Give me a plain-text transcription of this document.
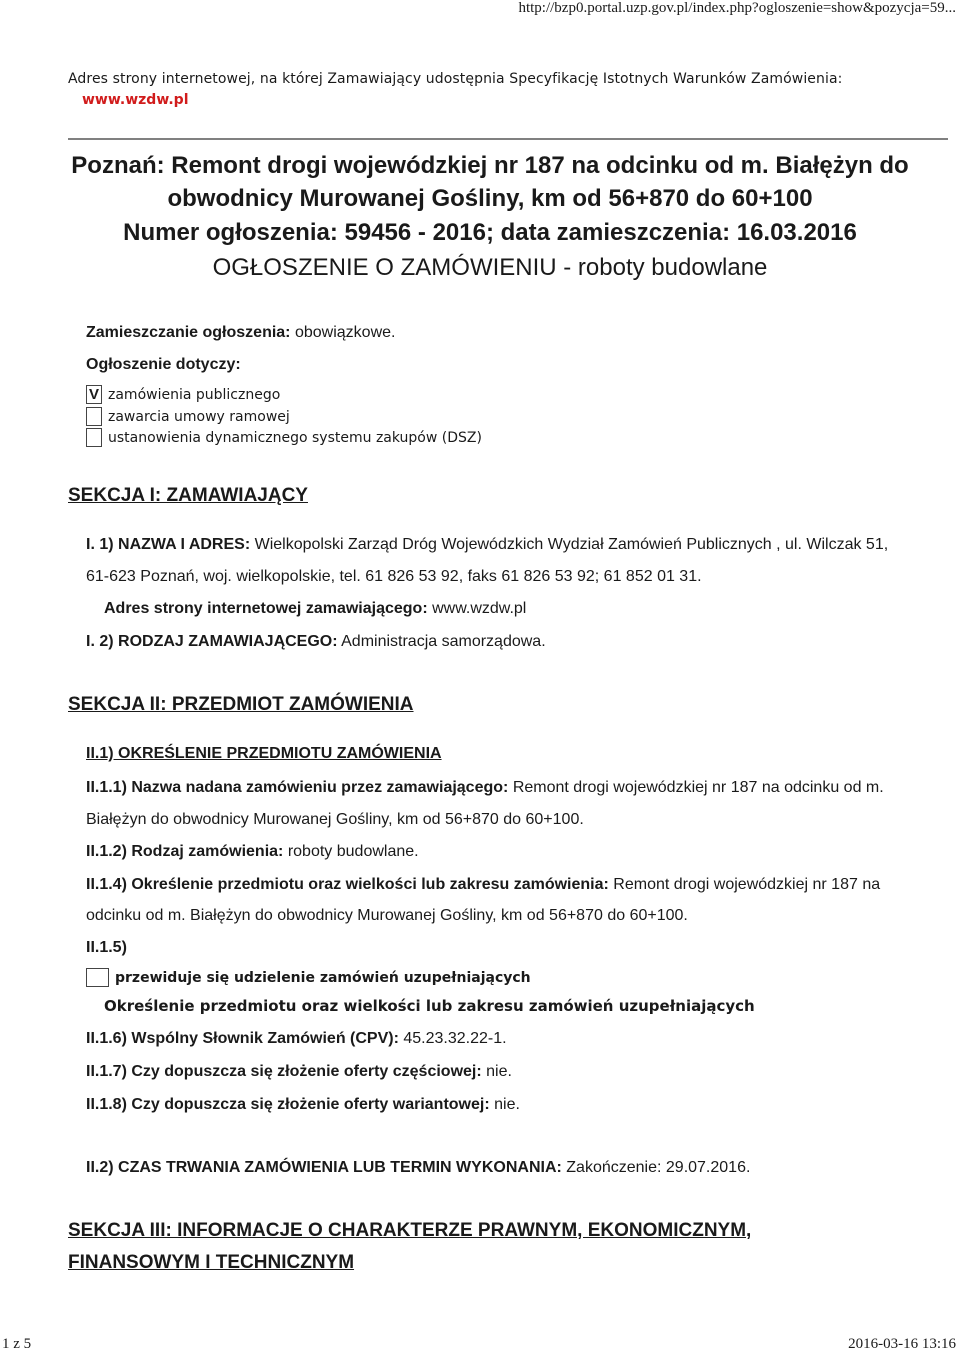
http://bzp0.portal.uzp.gov.pl/index.php?ogloszenie=show&pozycja=59...
Adres strony internetowej, na której Zamawiający udostępnia Specyfikację Istotnych Warunków Zamówienia:
www.wzdw.pl
Poznań: Remont drogi wojewódzkiej nr 187 na odcinku od m. Białężyn do
obwodnicy Murowanej Gośliny, km od 56+870 do 60+100
Numer ogłoszenia: 59456 - 2016; data zamieszczenia: 16.03.2016
OGŁOSZENIE O ZAMÓWIENIU - roboty budowlane
Zamieszczanie ogłoszenia: obowiązkowe.
Ogłoszenie dotyczy:
V zamówienia publicznego
zawarcia umowy ramowej
ustanowienia dynamicznego systemu zakupów (DSZ)
SEKCJA I: ZAMAWIAJĄCY
I. 1) NAZWA I ADRES: Wielkopolski Zarząd Dróg Wojewódzkich Wydział Zamówień Publicznych , ul. Wilczak 51,
61-623 Poznań, woj. wielkopolskie, tel. 61 826 53 92, faks 61 826 53 92; 61 852 01 31.
Adres strony internetowej zamawiającego: www.wzdw.pl
I. 2) RODZAJ ZAMAWIAJĄCEGO: Administracja samorządowa.
SEKCJA II: PRZEDMIOT ZAMÓWIENIA
II.1) OKREŚLENIE PRZEDMIOTU ZAMÓWIENIA
II.1.1) Nazwa nadana zamówieniu przez zamawiającego: Remont drogi wojewódzkiej nr 187 na odcinku od m.
Białężyn do obwodnicy Murowanej Gośliny, km od 56+870 do 60+100.
II.1.2) Rodzaj zamówienia: roboty budowlane.
II.1.4) Określenie przedmiotu oraz wielkości lub zakresu zamówienia: Remont drogi wojewódzkiej nr 187 na
odcinku od m. Białężyn do obwodnicy Murowanej Gośliny, km od 56+870 do 60+100.
II.1.5)
przewiduje się udzielenie zamówień uzupełniających
Określenie przedmiotu oraz wielkości lub zakresu zamówień uzupełniających
II.1.6) Wspólny Słownik Zamówień (CPV): 45.23.32.22-1.
II.1.7) Czy dopuszcza się złożenie oferty częściowej: nie.
II.1.8) Czy dopuszcza się złożenie oferty wariantowej: nie.
II.2) CZAS TRWANIA ZAMÓWIENIA LUB TERMIN WYKONANIA: Zakończenie: 29.07.2016.
SEKCJA III: INFORMACJE O CHARAKTERZE PRAWNYM, EKONOMICZNYM,
FINANSOWYM I TECHNICZNYM
1 z 5	2016-03-16 13:16
